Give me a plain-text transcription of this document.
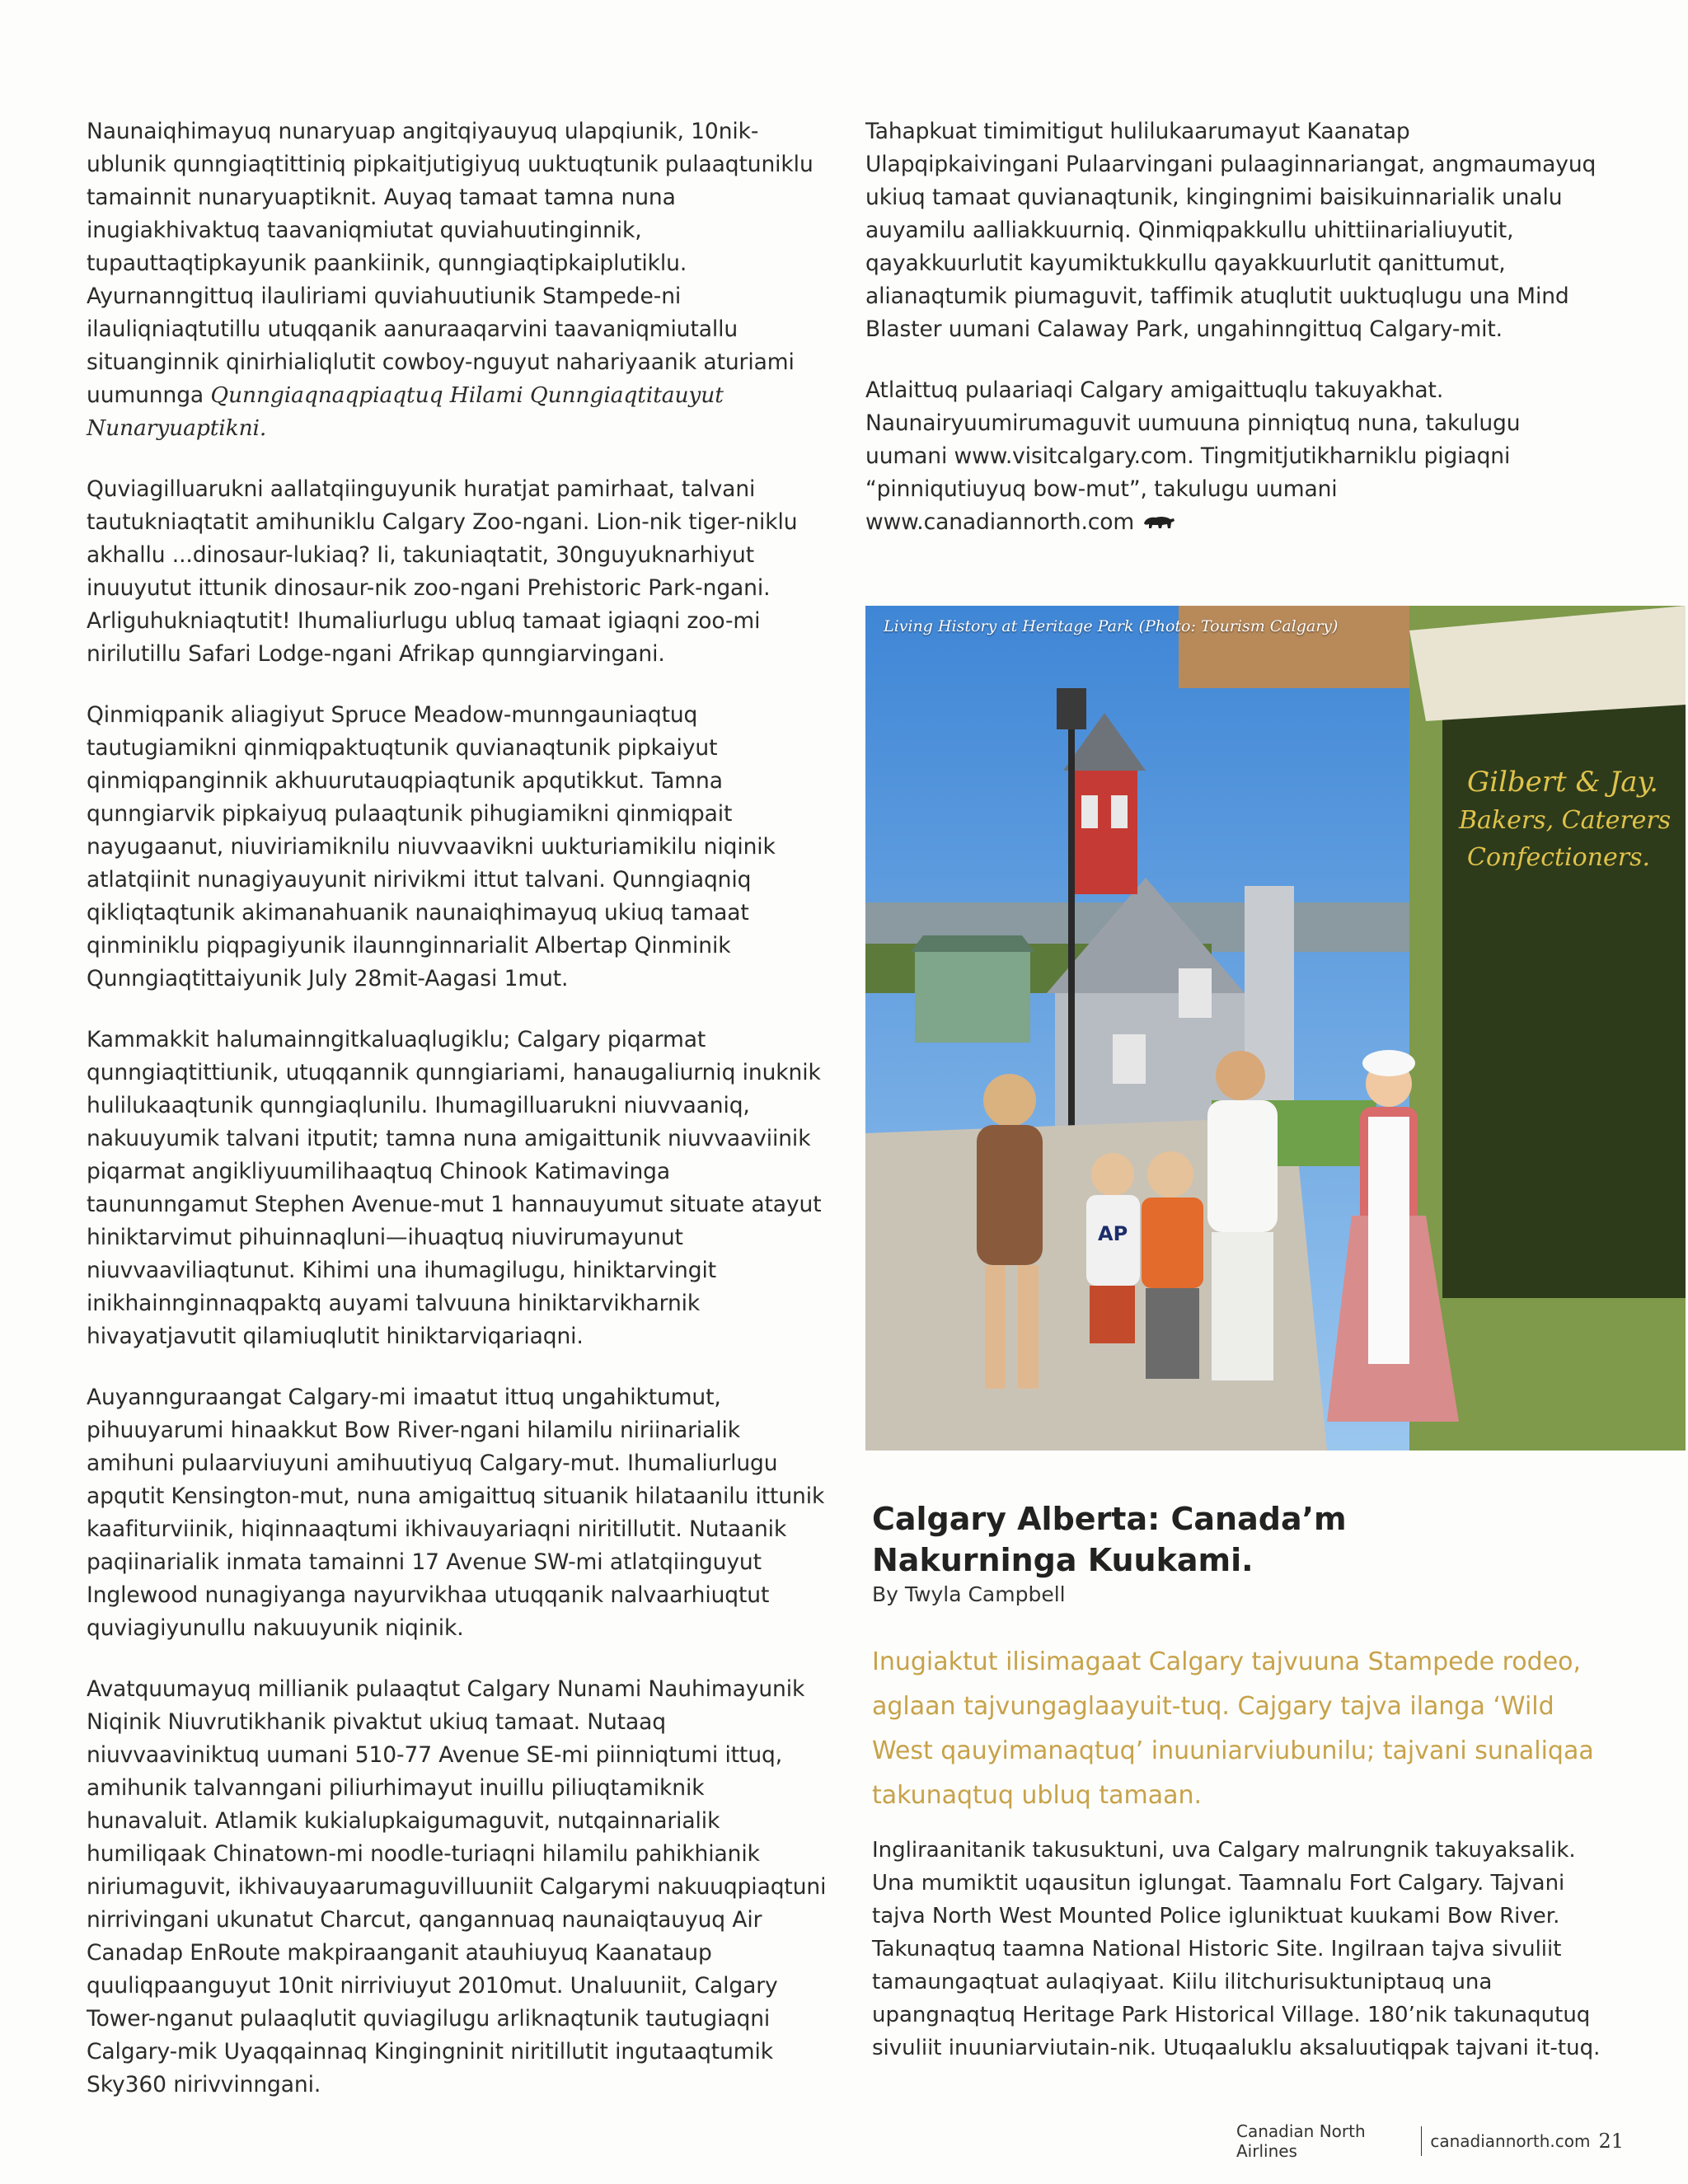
Naunaiqhimayuq nunaryuap angitqiyauyuq ulapqiunik, 10nik-ublunik qunngiaqtittiniq pipkaitjutigiyuq uuktuqtunik pulaaqtuniklu tamainnit nunaryuaptiknit. Auyaq tamaat tamna nuna inugiakhivaktuq taavaniqmiutat quviahuutinginnik, tupauttaqtipkayunik paankiinik, qunngiaqtipkaiplutiklu. Ayurnanngittuq ilauliriami quviahuutiunik Stampede-ni ilauliqniaqtutillu utuqqanik aanuraaqarvini taavaniqmiutallu situanginnik qinirhialiqlutit cowboy-nguyut nahariyaanik aturiami uumunnga Qunngiaqnaqpiaqtuq Hilami Qunngiaqtitauyut Nunaryuaptikni.

Quviagilluarukni aallatqiinguyunik huratjat pamirhaat, talvani tautukniaqtatit amihuniklu Calgary Zoo-ngani. Lion-nik tiger-niklu akhallu ...dinosaur-lukiaq? Ii, takuniaqtatit, 30nguyuknarhiyut inuuyutut ittunik dinosaur-nik zoo-ngani Prehistoric Park-ngani. Arliguhukniaqtutit! Ihumaliurlugu ubluq tamaat igiaqni zoo-mi nirilutillu Safari Lodge-ngani Afrikap qunngiarvingani.

Qinmiqpanik aliagiyut Spruce Meadow-munngauniaqtuq tautugiamikni qinmiqpaktuqtunik quvianaqtunik pipkaiyut qinmiqpanginnik akhuurutauqpiaqtunik apqutikkut. Tamna qunngiarvik pipkaiyuq pulaaqtunik pihugiamikni qinmiqpait nayugaanut, niuviriamiknilu niuvvaavikni uukturiamikilu niqinik atlatqiinit nunagiyauyunit nirivikmi ittut talvani. Qunngiaqniq qikliqtaqtunik akimanahuanik naunaiqhimayuq ukiuq tamaat qinminiklu piqpagiyunik ilaunnginnarialit Albertap Qinminik Qunngiaqtittaiyunik July 28mit-Aagasi 1mut.

Kammakkit halumainngitkaluaqlugiklu; Calgary piqarmat qunngiaqtittiunik, utuqqannik qunngiariami, hanaugaliurniq inuknik hulilukaaqtunik qunngiaqlunilu. Ihumagilluarukni niuvvaaniq, nakuuyumik talvani itputit; tamna nuna amigaittunik niuvvaaviinik piqarmat angikliyuumilihaaqtuq Chinook Katimavinga taununngamut Stephen Avenue-mut 1 hannauyumut situate atayut hiniktarvimut pihuinnaqluni—ihuaqtuq niuvirumayunut niuvvaaviliaqtunut. Kihimi una ihumagilugu, hiniktarvingit inikhainnginnaqpaktq auyami talvuuna hiniktarvikharnik hivayatjavutit qilamiuqlutit hiniktarviqariaqni.

Auyannguraangat Calgary-mi imaatut ittuq ungahiktumut, pihuuyarumi hinaakkut Bow River-ngani hilamilu niriinarialik amihuni pulaarviuyuni amihuutiyuq Calgary-mut. Ihumaliurlugu apqutit Kensington-mut, nuna amigaittuq situanik hilataanilu ittunik kaafiturviinik, hiqinnaaqtumi ikhivauyariaqni niritillutit. Nutaanik paqiinarialik inmata tamainni 17 Avenue SW-mi atlatqiinguyut Inglewood nunagiyanga nayurvikhaa utuqqanik nalvaarhiuqtut quviagiyunullu nakuuyunik niqinik.

Avatquumayuq millianik pulaaqtut Calgary Nunami Nauhimayunik Niqinik Niuvrutikhanik pivaktut ukiuq tamaat. Nutaaq niuvvaaviniktuq uumani 510-77 Avenue SE-mi piinniqtumi ittuq, amihunik talvanngani piliurhimayut inuillu piliuqtamiknik hunavaluit. Atlamik kukialupkaigumaguvit, nutqainnarialik humiliqaak Chinatown-mi noodle-turiaqni hilamilu pahikhianik niriumaguvit, ikhivauyaarumaguvilluuniit Calgarymi nakuuqpiaqtuni nirrivingani ukunatut Charcut, qangannuaq naunaiqtauyuq Air Canadap EnRoute makpiraanganit atauhiuyuq Kaanataup quuliqpaanguyut 10nit nirriviuyut 2010mut. Unaluuniit, Calgary Tower-nganut pulaaqlutit quviagilugu arliknaqtunik tautugiaqni Calgary-mik Uyaqqainnaq Kingingninit niritillutit ingutaaqtumik Sky360 nirivvinngani.

Tahapkuat timimitigut hulilukaarumayut Kaanatap Ulapqipkaivingani Pulaarvingani pulaaginnariangat, angmaumayuq ukiuq tamaat quvianaqtunik, kingingnimi baisikuinnarialik unalu auyamilu aalliakkuurniq. Qinmiqpakkullu uhittiinarialiuyutit, qayakkuurlutit kayumiktukkullu qayakkuurlutit qanittumut, alianaqtumik piumaguvit, taffimik atuqlutit uuktuqlugu una Mind Blaster uumani Calaway Park, ungahinngittuq Calgary-mit.

Atlaittuq pulaariaqi Calgary amigaittuqlu takuyakhat. Naunairyuumirumaguvit uumuuna pinniqtuq nuna, takulugu uumani www.visitcalgary.com. Tingmitjutikharniklu pigiaqni “pinniqutiuyuq bow-mut”, takulugu uumani www.canadiannorth.com

Gilbert & Jay.
Bakers, Caterers
Confectioners.
AP
Living History at Heritage Park (Photo: Tourism Calgary)
Calgary Alberta: Canada’m
Nakurninga Kuukami.
By Twyla Campbell
Inugiaktut ilisimagaat Calgary tajvuuna Stampede rodeo, aglaan tajvungaglaayuit-tuq. Cajgary tajva ilanga ‘Wild West qauyimanaqtuq’ inuuniarviubunilu; tajvani sunaliqaa takunaqtuq ubluq tamaan.

Ingliraanitanik takusuktuni, uva Calgary malrungnik takuyaksalik. Una mumiktit uqausitun iglungat. Taamnalu Fort Calgary. Tajvani tajva North West Mounted Police igluniktuat kuukami Bow River. Takunaqtuq taamna National Historic Site. Ingilraan tajva sivuliit tamaungaqtuat aulaqiyaat. Kiilu ilitchurisuktuniptauq una upangnaqtuq Heritage Park Historical Village. 180’nik takunaqutuq sivuliit inuuniarviutain-nik. Utuqaaluklu aksaluutiqpak tajvani it-tuq.

Canadian North Airlines	canadiannorth.com 21
